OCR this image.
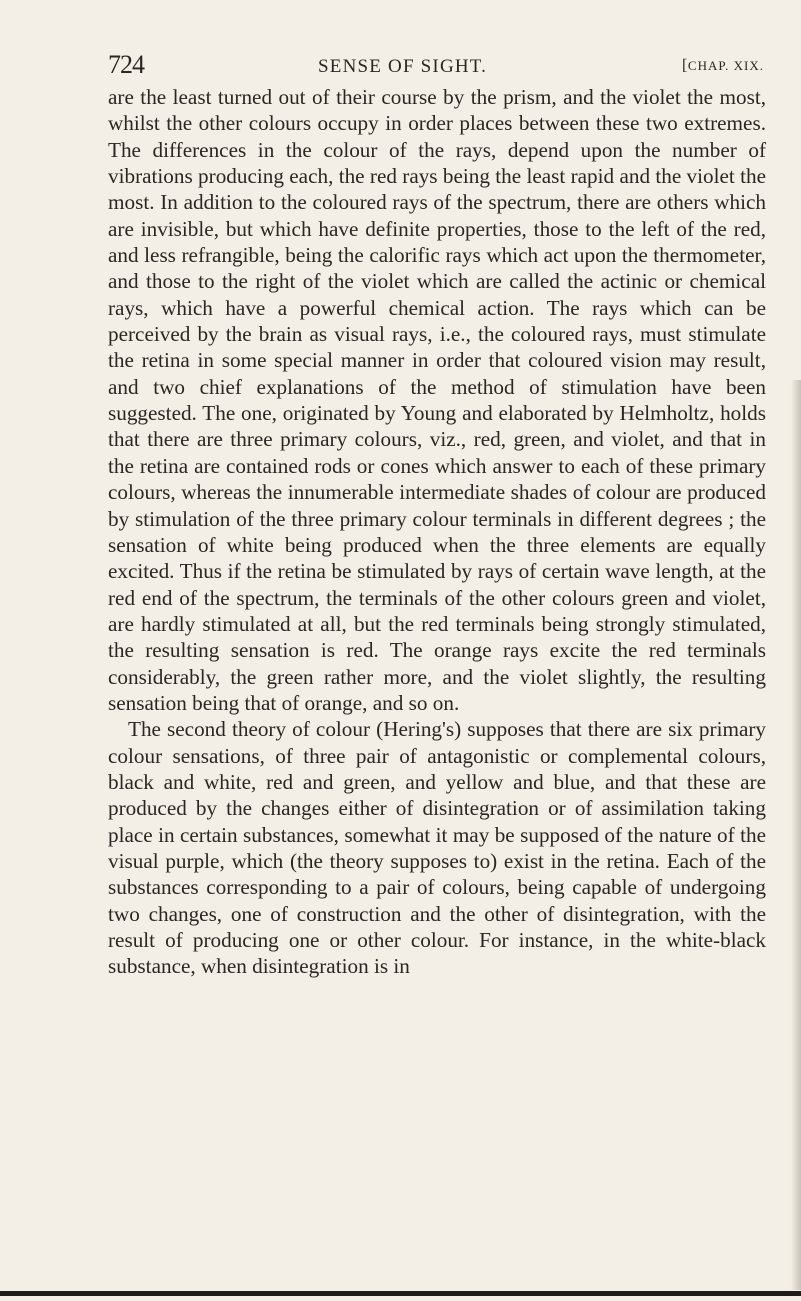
724	SENSE OF SIGHT.	[CHAP. XIX.

are the least turned out of their course by the prism, and the violet the most, whilst the other colours occupy in order places between these two extremes. The differences in the colour of the rays, depend upon the number of vibrations producing each, the red rays being the least rapid and the violet the most. In addition to the coloured rays of the spectrum, there are others which are invisible, but which have definite properties, those to the left of the red, and less refrangible, being the calorific rays which act upon the thermometer, and those to the right of the violet which are called the actinic or chemical rays, which have a powerful chemical action. The rays which can be perceived by the brain as visual rays, i.e., the coloured rays, must stimulate the retina in some special manner in order that coloured vision may result, and two chief explanations of the method of stimulation have been suggested. The one, originated by Young and elaborated by Helmholtz, holds that there are three primary colours, viz., red, green, and violet, and that in the retina are contained rods or cones which answer to each of these primary colours, whereas the innumerable intermediate shades of colour are produced by stimulation of the three primary colour terminals in different degrees ; the sensation of white being produced when the three elements are equally excited. Thus if the retina be stimulated by rays of certain wave length, at the red end of the spectrum, the terminals of the other colours green and violet, are hardly stimulated at all, but the red terminals being strongly stimulated, the resulting sensation is red. The orange rays excite the red terminals considerably, the green rather more, and the violet slightly, the resulting sensation being that of orange, and so on.

The second theory of colour (Hering's) supposes that there are six primary colour sensations, of three pair of antagonistic or complemental colours, black and white, red and green, and yellow and blue, and that these are produced by the changes either of disintegration or of assimilation taking place in certain substances, somewhat it may be supposed of the nature of the visual purple, which (the theory supposes to) exist in the retina. Each of the substances corresponding to a pair of colours, being capable of undergoing two changes, one of construction and the other of disintegration, with the result of producing one or other colour. For instance, in the white-black substance, when disintegration is in
